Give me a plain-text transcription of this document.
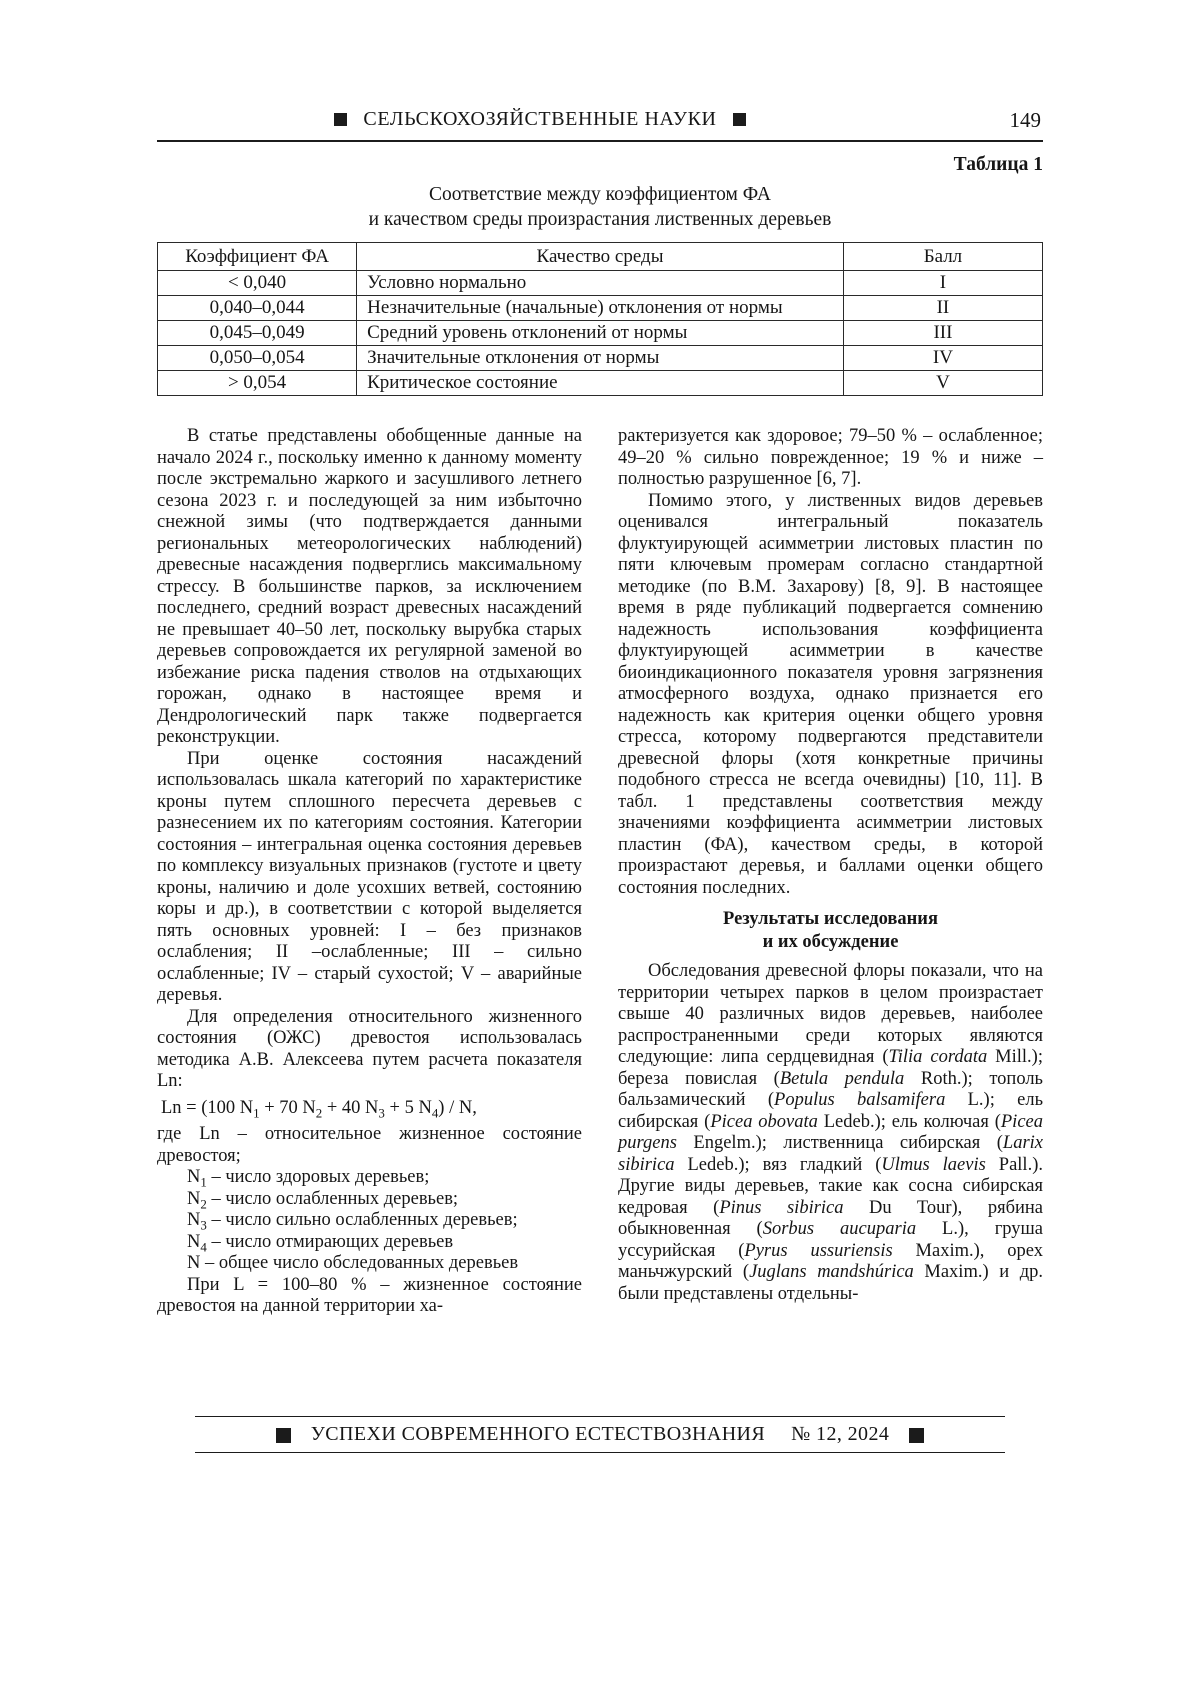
СЕЛЬСКОХОЗЯЙСТВЕННЫЕ НАУКИ	149
Таблица 1
Соответствие между коэффициентом ФА
и качеством среды произрастания лиственных деревьев
Коэффициент ФА	Качество среды	Балл
< 0,040	Условно нормально	I
0,040–0,044	Незначительные (начальные) отклонения от нормы	II
0,045–0,049	Средний уровень отклонений от нормы	III
0,050–0,054	Значительные отклонения от нормы	IV
> 0,054	Критическое состояние	V

В статье представлены обобщенные данные на начало 2024 г., поскольку именно к данному моменту после экстремально жаркого и засушливого летнего сезона 2023 г. и последующей за ним избыточно снежной зимы (что подтверждается данными региональных метеорологических наблюдений) древесные насаждения подверглись максимальному стрессу. В большинстве парков, за исключением последнего, средний возраст древесных насаждений не превышает 40–50 лет, поскольку вырубка старых деревьев сопровождается их регулярной заменой во избежание риска падения стволов на отдыхающих горожан, однако в настоящее время и Дендрологический парк также подвергается реконструкции.

При оценке состояния насаждений использовалась шкала категорий по характеристике кроны путем сплошного пересчета деревьев с разнесением их по категориям состояния. Категории состояния – интегральная оценка состояния деревьев по комплексу визуальных признаков (густоте и цвету кроны, наличию и доле усохших ветвей, состоянию коры и др.), в соответствии с которой выделяется пять основных уровней: I – без признаков ослабления; II –ослабленные; III – сильно ослабленные; IV – старый сухостой; V – аварийные деревья.

Для определения относительного жизненного состояния (ОЖС) древостоя использовалась методика А.В. Алексеева путем расчета показателя Ln:

Ln = (100 $N_1 + 70$ $N_2 + 40$ $N_3 + 5$ $N_4$) / N,

где Ln – относительное жизненное состояние древостоя;

$N_1$ – число здоровых деревьев;

$N_2$ – число ослабленных деревьев;

$N_3$ – число сильно ослабленных деревьев;

$N_4$ – число отмирающих деревьев

N – общее число обследованных деревьев

При L = 100–80 % – жизненное состояние древостоя на данной территории ха-

рактеризуется как здоровое; 79–50 % – ослабленное; 49–20 % сильно поврежденное; 19 % и ниже – полностью разрушенное [6, 7].

Помимо этого, у лиственных видов деревьев оценивался интегральный показатель флуктуирующей асимметрии листовых пластин по пяти ключевым промерам согласно стандартной методике (по В.М. Захарову) [8, 9]. В настоящее время в ряде публикаций подвергается сомнению надежность использования коэффициента флуктуирующей асимметрии в качестве биоиндикационного показателя уровня загрязнения атмосферного воздуха, однако признается его надежность как критерия оценки общего уровня стресса, которому подвергаются представители древесной флоры (хотя конкретные причины подобного стресса не всегда очевидны) [10, 11]. В табл. 1 представлены соответствия между значениями коэффициента асимметрии листовых пластин (ФА), качеством среды, в которой произрастают деревья, и баллами оценки общего состояния последних.

Результаты исследования
и их обсуждение

Обследования древесной флоры показали, что на территории четырех парков в целом произрастает свыше 40 различных видов деревьев, наиболее распространенными среди которых являются следующие: липа сердцевидная (Tilia cordata Mill.); береза повислая (Betula pendula Roth.); тополь бальзамический (Populus balsamifera L.); ель сибирская (Picea obovata Ledeb.); ель колючая (Picea purgens Engelm.); лиственница сибирская (Larix sibirica Ledeb.); вяз гладкий (Ulmus laevis Pall.). Другие виды деревьев, такие как сосна сибирская кедровая (Pinus sibirica Du Tour), рябина обыкновенная (Sorbus aucuparia L.), груша уссурийская (Pyrus ussuriensis Maxim.), орех маньчжурский (Juglans mandshúrica Maxim.) и др. были представлены отдельны-

УСПЕХИ СОВРЕМЕННОГО ЕСТЕСТВОЗНАНИЯ № 12, 2024
